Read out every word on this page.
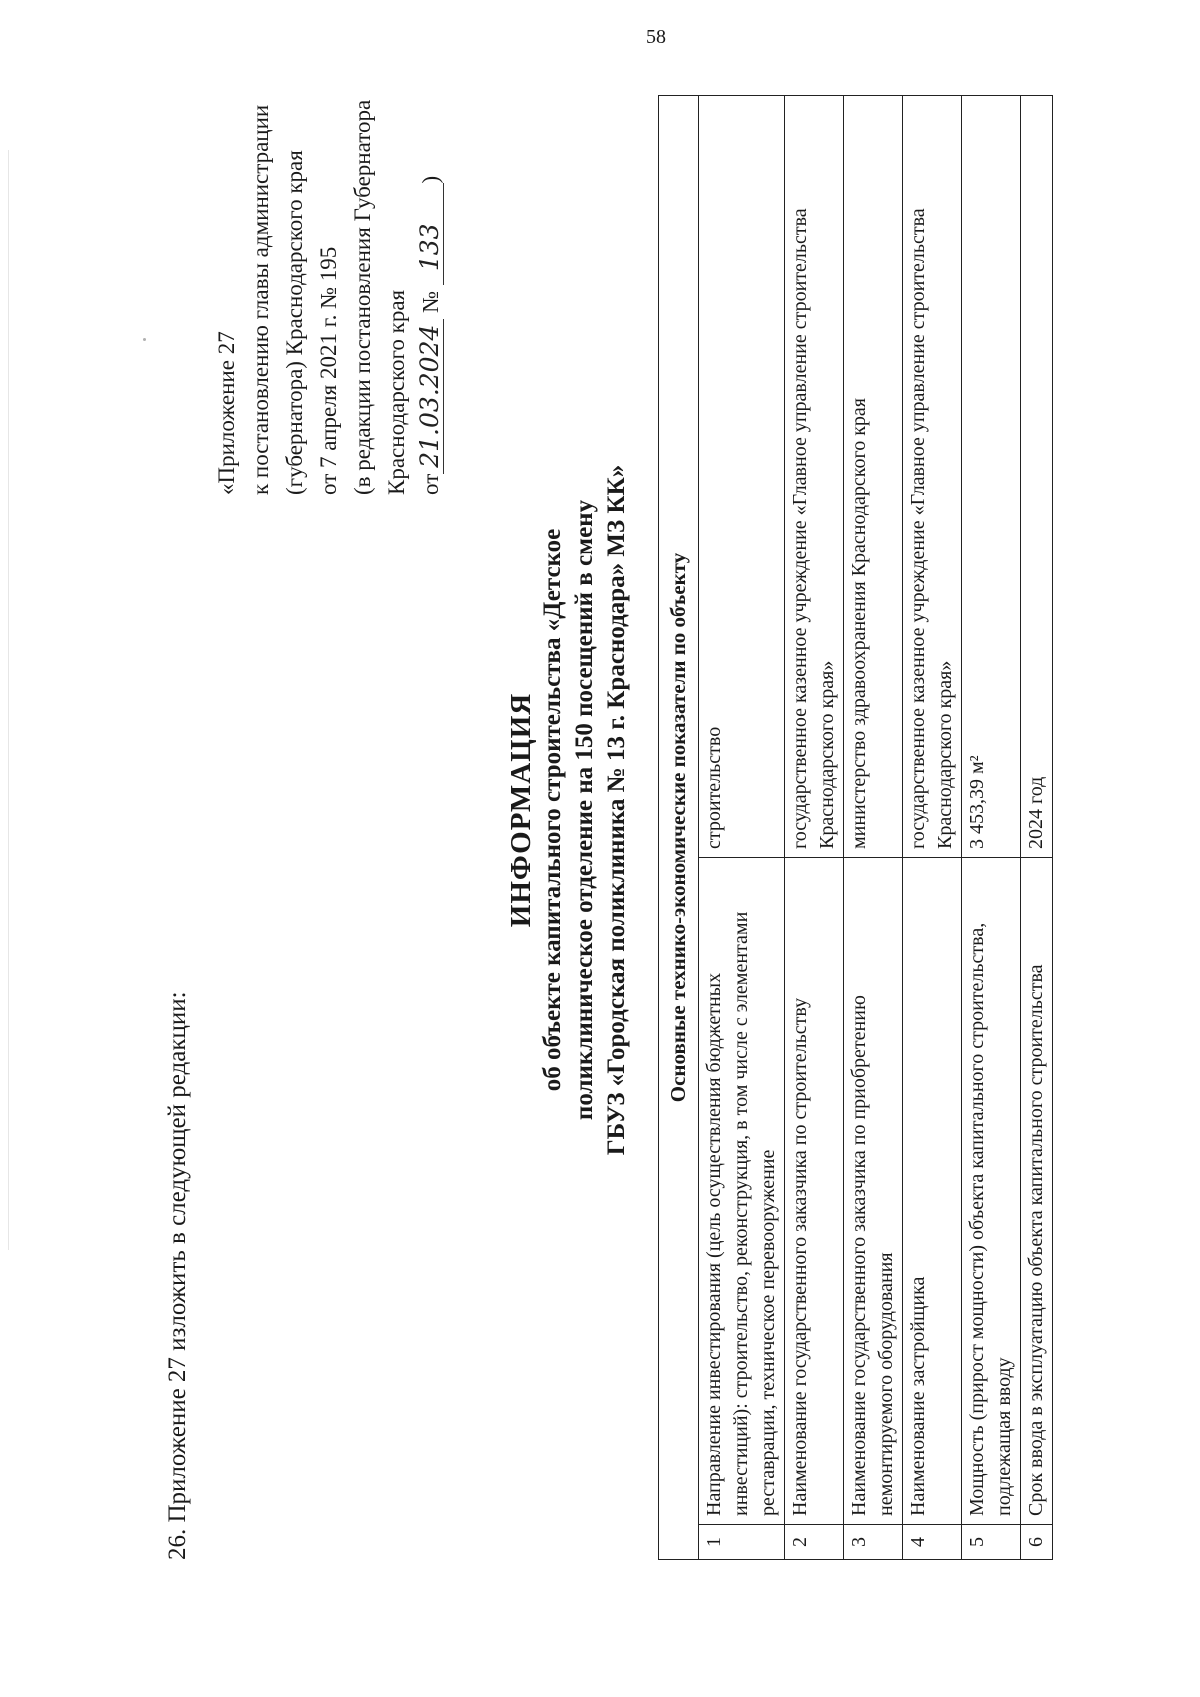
58
26. Приложение 27 изложить в следующей редакции:
«Приложение 27 к постановлению главы администрации (губернатора) Краснодарского края от 7 апреля 2021 г. № 195 (в редакции постановления Губернатора Краснодарского края от21.03.2024 № 133)
ИНФОРМАЦИЯ об объекте капитального строительства «Детское поликлиническое отделение на 150 посещений в смену ГБУЗ «Городская поликлиника № 13 г. Краснодара» МЗ КК» Основные технико-экономические показатели по объекту		
1	Направление инвестирования (цель осуществления бюджетных инвестиций): строительство, реконструкция, в том числе с элементами реставрации, техническое перевооружение	строительство
2	Наименование государственного заказчика по строительству	государственное казенное учреждение «Главное управление строительства Краснодарского края»
3	Наименование государственного заказчика по приобретению немонтируемого оборудования	министерство здравоохранения Краснодарского края
4	Наименование застройщика	государственное казенное учреждение «Главное управление строительства Краснодарского края»
5	Мощность (прирост мощности) объекта капитального строительства, подлежащая вводу	3 453,39 м²
6	Срок ввода в эксплуатацию объекта капитального строительства	2024 год
